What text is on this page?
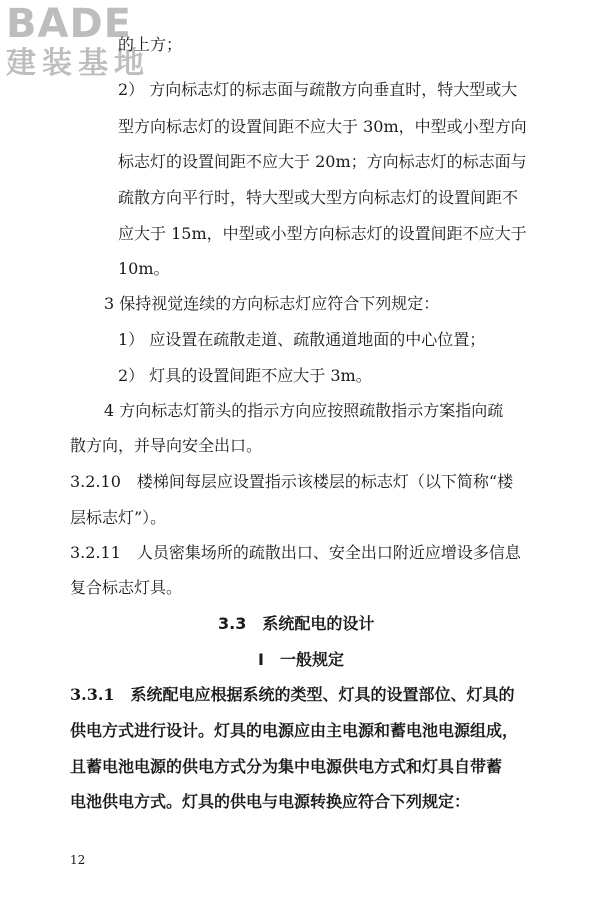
BADE
建装基地
的上方；
2） 方向标志灯的标志面与疏散方向垂直时，特大型或大
型方向标志灯的设置间距不应大于 30m，中型或小型方向
标志灯的设置间距不应大于 20m；方向标志灯的标志面与
疏散方向平行时，特大型或大型方向标志灯的设置间距不
应大于 15m，中型或小型方向标志灯的设置间距不应大于
10m。
3 保持视觉连续的方向标志灯应符合下列规定：
1） 应设置在疏散走道、疏散通道地面的中心位置；
2） 灯具的设置间距不应大于 3m。
4 方向标志灯箭头的指示方向应按照疏散指示方案指向疏
散方向，并导向安全出口。
3.2.10　楼梯间每层应设置指示该楼层的标志灯（以下简称“楼
层标志灯”）。
3.2.11　人员密集场所的疏散出口、安全出口附近应增设多信息
复合标志灯具。
3.3　系统配电的设计
Ⅰ　一般规定
3.3.1　系统配电应根据系统的类型、灯具的设置部位、灯具的
供电方式进行设计。灯具的电源应由主电源和蓄电池电源组成，
且蓄电池电源的供电方式分为集中电源供电方式和灯具自带蓄
电池供电方式。灯具的供电与电源转换应符合下列规定：
12
